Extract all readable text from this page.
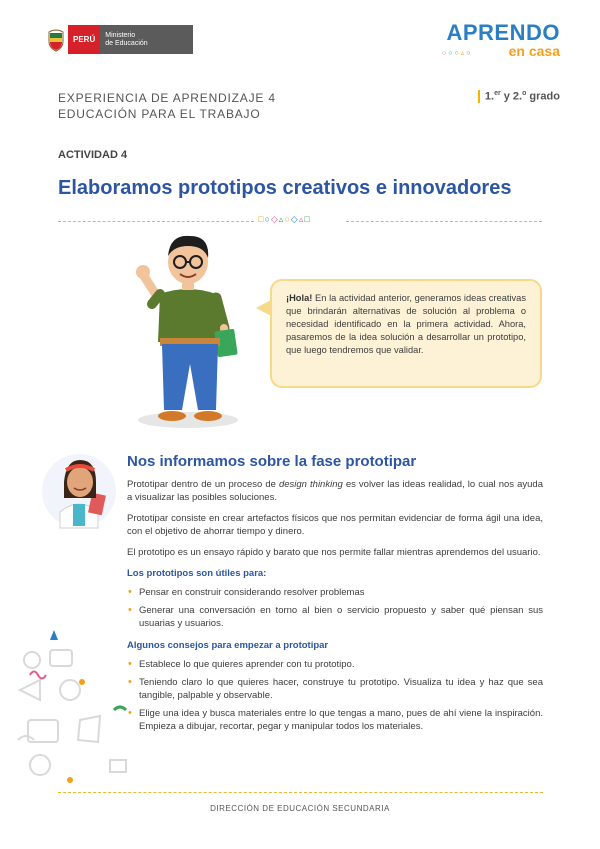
PERÚ	Ministerio
de Educación	APRENDO
○○○▵○	en casa
EXPERIENCIA DE APRENDIZAJE 4
EDUCACIÓN PARA EL TRABAJO
1.$^{er}$ y 2.$^o$ grado
ACTIVIDAD 4
Elaboramos prototipos creativos e innovadores
□○◇▵○◇▵□
¡Hola! En la actividad anterior, generamos ideas creativas que brindarán alternativas de solución al problema o necesidad identificado en la primera actividad. Ahora, pasaremos de la idea solución a desarrollar un prototipo, que luego tendremos que validar.
Nos informamos sobre la fase prototipar

Prototipar dentro de un proceso de design thinking es volver las ideas realidad, lo cual nos ayuda a visualizar las posibles soluciones.

Prototipar consiste en crear artefactos físicos que nos permitan evidenciar de forma ágil una idea, con el objetivo de ahorrar tiempo y dinero.

El prototipo es un ensayo rápido y barato que nos permite fallar mientras aprendemos del usuario.

Los prototipos son útiles para:
• Pensar en construir considerando resolver problemas
• Generar una conversación en torno al bien o servicio propuesto y saber qué piensan sus usuarias y usuarios.
Algunos consejos para empezar a prototipar
• Establece lo que quieres aprender con tu prototipo.
• Teniendo claro lo que quieres hacer, construye tu prototipo. Visualiza tu idea y haz que sea tangible, palpable y observable.
• Elige una idea y busca materiales entre lo que tengas a mano, pues de ahí viene la inspiración. Empieza a dibujar, recortar, pegar y manipular todos los materiales.
DIRECCIÓN DE EDUCACIÓN SECUNDARIA
